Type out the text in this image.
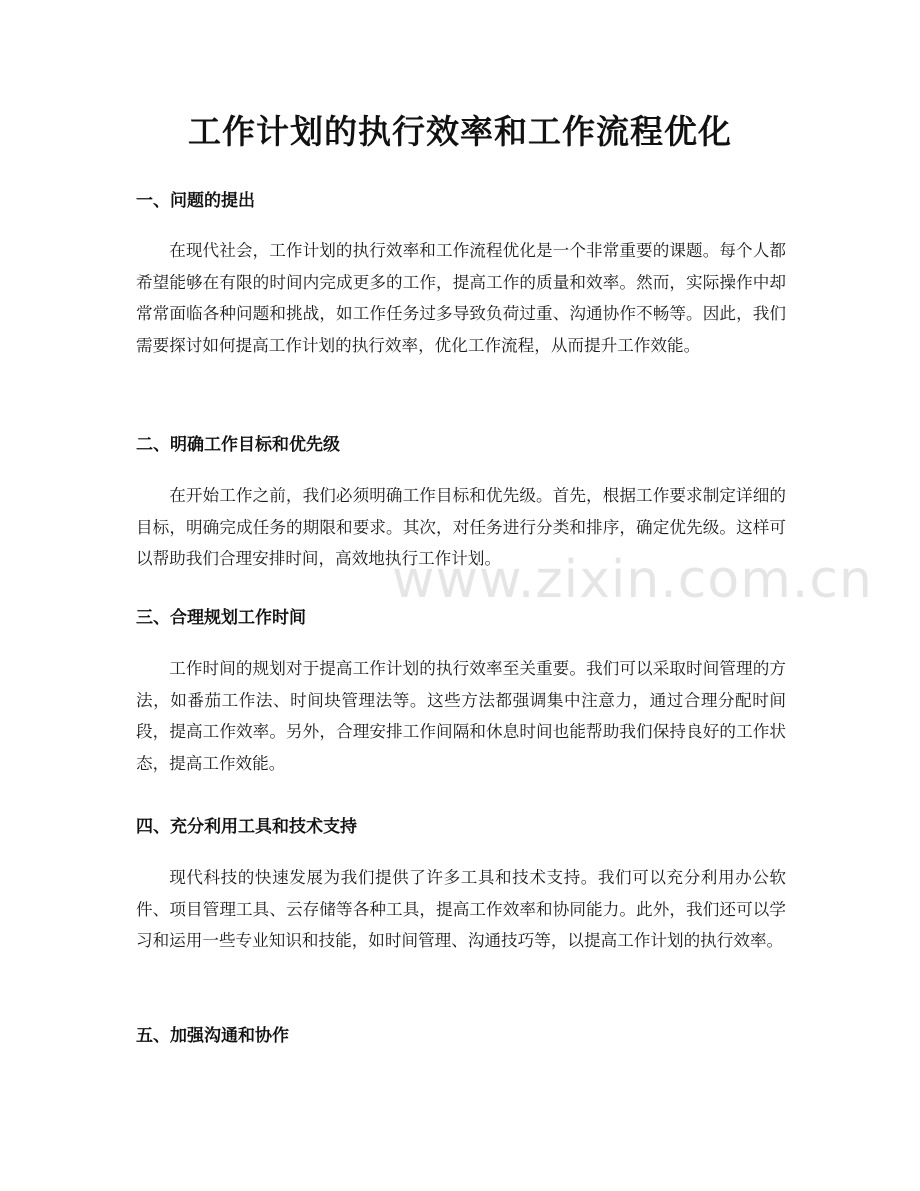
工作计划的执行效率和工作流程优化
www.zixin.com.cn
一、问题的提出

在现代社会，工作计划的执行效率和工作流程优化是一个非常重要的课题。每个人都希望能够在有限的时间内完成更多的工作，提高工作的质量和效率。然而，实际操作中却常常面临各种问题和挑战，如工作任务过多导致负荷过重、沟通协作不畅等。因此，我们需要探讨如何提高工作计划的执行效率，优化工作流程，从而提升工作效能。

二、明确工作目标和优先级

在开始工作之前，我们必须明确工作目标和优先级。首先，根据工作要求制定详细的目标，明确完成任务的期限和要求。其次，对任务进行分类和排序，确定优先级。这样可以帮助我们合理安排时间，高效地执行工作计划。

三、合理规划工作时间

工作时间的规划对于提高工作计划的执行效率至关重要。我们可以采取时间管理的方法，如番茄工作法、时间块管理法等。这些方法都强调集中注意力，通过合理分配时间段，提高工作效率。另外，合理安排工作间隔和休息时间也能帮助我们保持良好的工作状态，提高工作效能。

四、充分利用工具和技术支持

现代科技的快速发展为我们提供了许多工具和技术支持。我们可以充分利用办公软件、项目管理工具、云存储等各种工具，提高工作效率和协同能力。此外，我们还可以学习和运用一些专业知识和技能，如时间管理、沟通技巧等，以提高工作计划的执行效率。

五、加强沟通和协作
